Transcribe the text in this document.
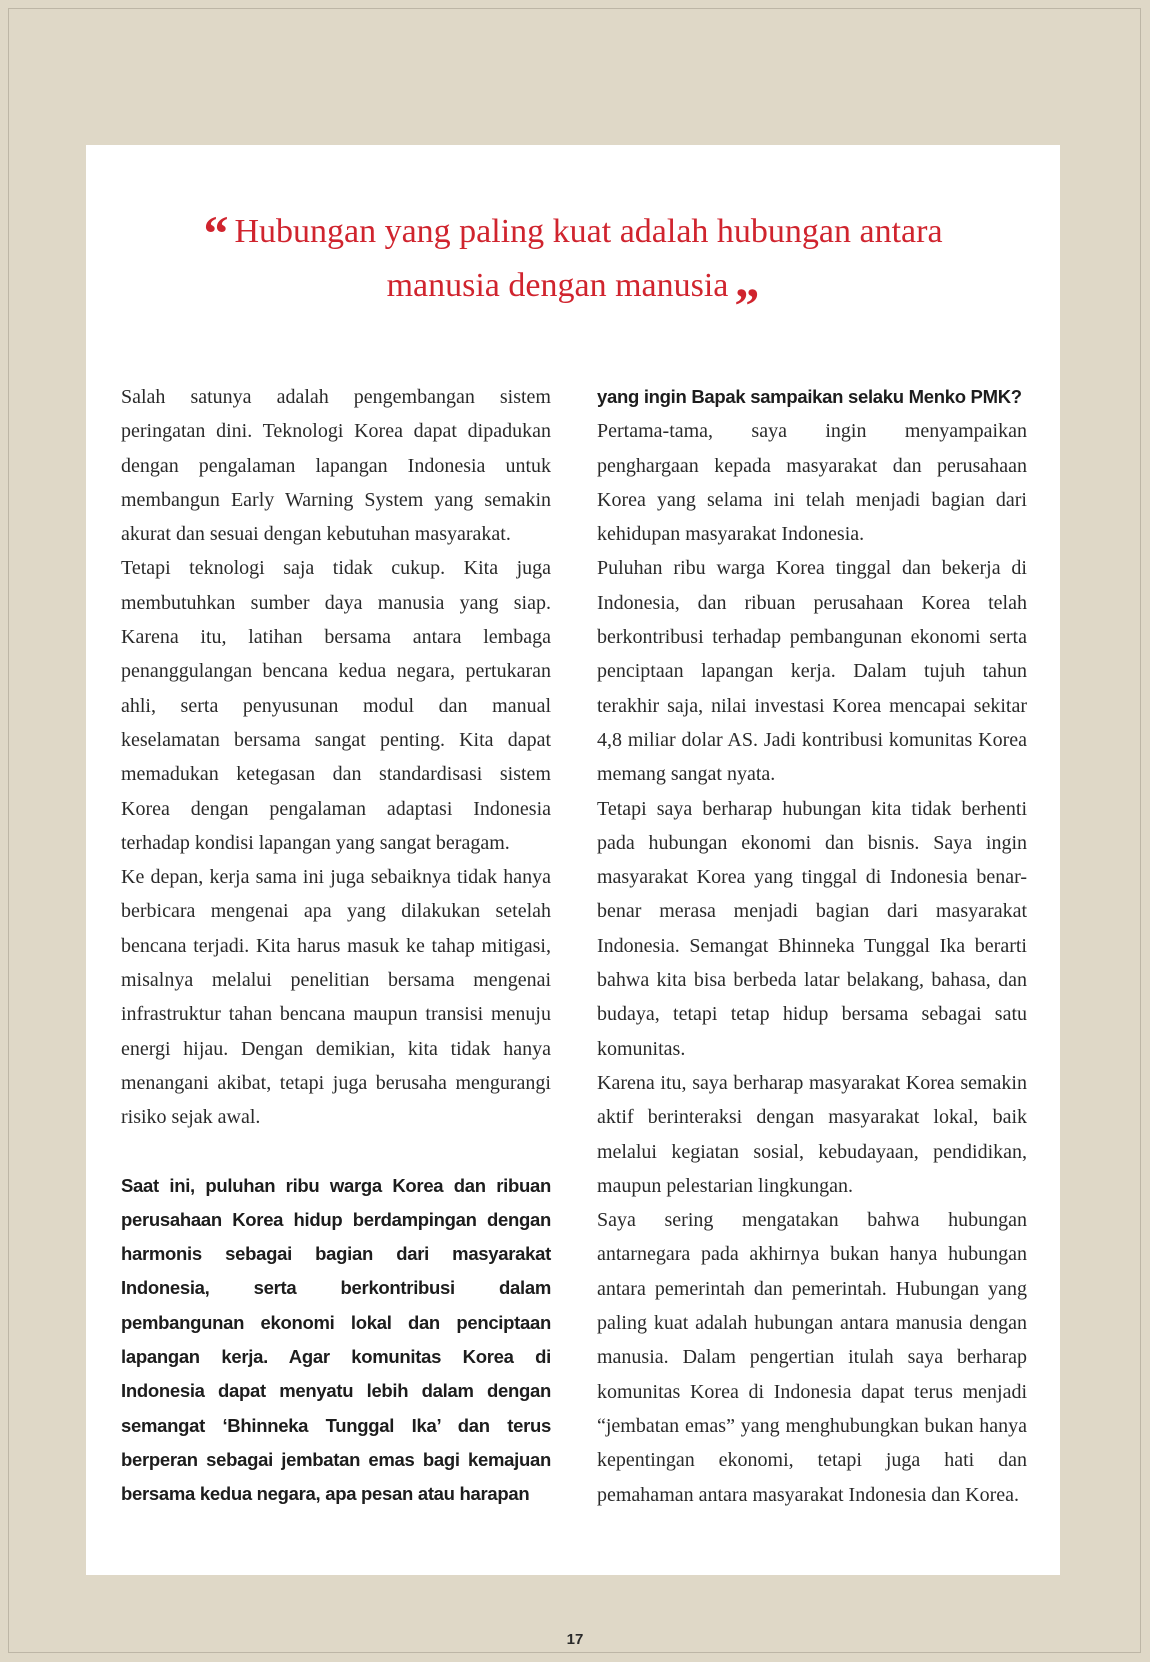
“ Hubungan yang paling kuat adalah hubungan antara manusia dengan manusia ”

Salah satunya adalah pengembangan sistem peringatan dini. Teknologi Korea dapat dipadukan dengan pengalaman lapangan Indonesia untuk membangun Early Warning System yang semakin akurat dan sesuai dengan kebutuhan masyarakat.

Tetapi teknologi saja tidak cukup. Kita juga membutuhkan sumber daya manusia yang siap. Karena itu, latihan bersama antara lembaga penanggulangan bencana kedua negara, pertukaran ahli, serta penyusunan modul dan manual keselamatan bersama sangat penting. Kita dapat memadukan ketegasan dan standardisasi sistem Korea dengan pengalaman adaptasi Indonesia terhadap kondisi lapangan yang sangat beragam.

Ke depan, kerja sama ini juga sebaiknya tidak hanya berbicara mengenai apa yang dilakukan setelah bencana terjadi. Kita harus masuk ke tahap mitigasi, misalnya melalui penelitian bersama mengenai infrastruktur tahan bencana maupun transisi menuju energi hijau. Dengan demikian, kita tidak hanya menangani akibat, tetapi juga berusaha mengurangi risiko sejak awal.

Saat ini, puluhan ribu warga Korea dan ribuan perusahaan Korea hidup berdampingan dengan harmonis sebagai bagian dari masyarakat Indonesia, serta berkontribusi dalam pembangunan ekonomi lokal dan penciptaan lapangan kerja. Agar komunitas Korea di Indonesia dapat menyatu lebih dalam dengan semangat ‘Bhinneka Tunggal Ika’ dan terus berperan sebagai jembatan emas bagi kemajuan bersama kedua negara, apa pesan atau harapan

yang ingin Bapak sampaikan selaku Menko PMK?

Pertama-tama, saya ingin menyampaikan penghargaan kepada masyarakat dan perusahaan Korea yang selama ini telah menjadi bagian dari kehidupan masyarakat Indonesia.

Puluhan ribu warga Korea tinggal dan bekerja di Indonesia, dan ribuan perusahaan Korea telah berkontribusi terhadap pembangunan ekonomi serta penciptaan lapangan kerja. Dalam tujuh tahun terakhir saja, nilai investasi Korea mencapai sekitar 4,8 miliar dolar AS. Jadi kontribusi komunitas Korea memang sangat nyata.

Tetapi saya berharap hubungan kita tidak berhenti pada hubungan ekonomi dan bisnis. Saya ingin masyarakat Korea yang tinggal di Indonesia benar-benar merasa menjadi bagian dari masyarakat Indonesia. Semangat Bhinneka Tunggal Ika berarti bahwa kita bisa berbeda latar belakang, bahasa, dan budaya, tetapi tetap hidup bersama sebagai satu komunitas.

Karena itu, saya berharap masyarakat Korea semakin aktif berinteraksi dengan masyarakat lokal, baik melalui kegiatan sosial, kebudayaan, pendidikan, maupun pelestarian lingkungan.

Saya sering mengatakan bahwa hubungan antarnegara pada akhirnya bukan hanya hubungan antara pemerintah dan pemerintah. Hubungan yang paling kuat adalah hubungan antara manusia dengan manusia. Dalam pengertian itulah saya berharap komunitas Korea di Indonesia dapat terus menjadi “jembatan emas” yang menghubungkan bukan hanya kepentingan ekonomi, tetapi juga hati dan pemahaman antara masyarakat Indonesia dan Korea.

17
